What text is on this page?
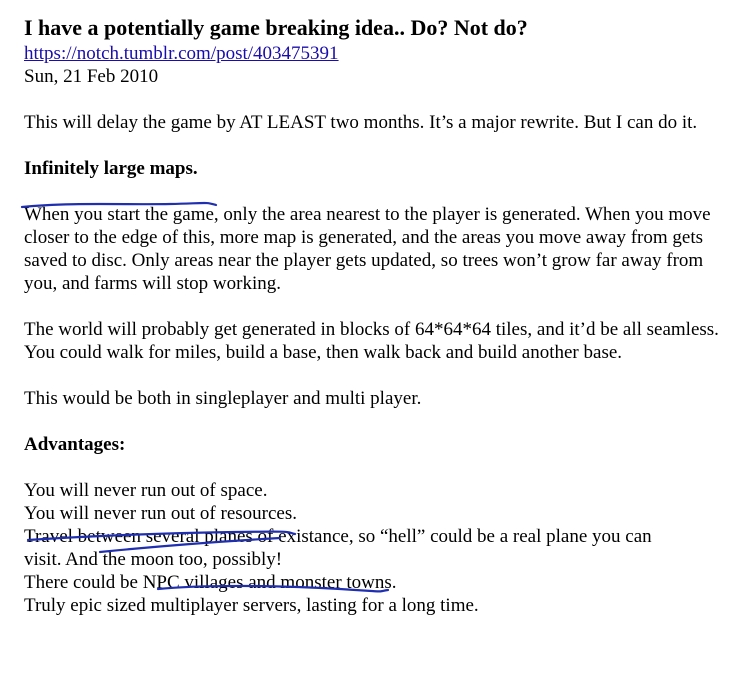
I have a potentially game breaking idea.. Do? Not do?
https://notch.tumblr.com/post/403475391
Sun, 21 Feb 2010

This will delay the game by AT LEAST two months. It’s a major rewrite. But I can do it.

Infinitely large maps.

When you start the game, only the area nearest to the player is generated. When you move closer to the edge of this, more map is generated, and the areas you move away from gets saved to disc. Only areas near the player gets updated, so trees won’t grow far away from you, and farms will stop working.

The world will probably get generated in blocks of 64*64*64 tiles, and it’d be all seamless. You could walk for miles, build a base, then walk back and build another base.

This would be both in singleplayer and multi player.

Advantages:

You will never run out of space.
You will never run out of resources.
Travel between several planes of existance, so “hell” could be a real plane you can
visit. And the moon too, possibly!
There could be NPC villages and monster towns.
Truly epic sized multiplayer servers, lasting for a long time.
